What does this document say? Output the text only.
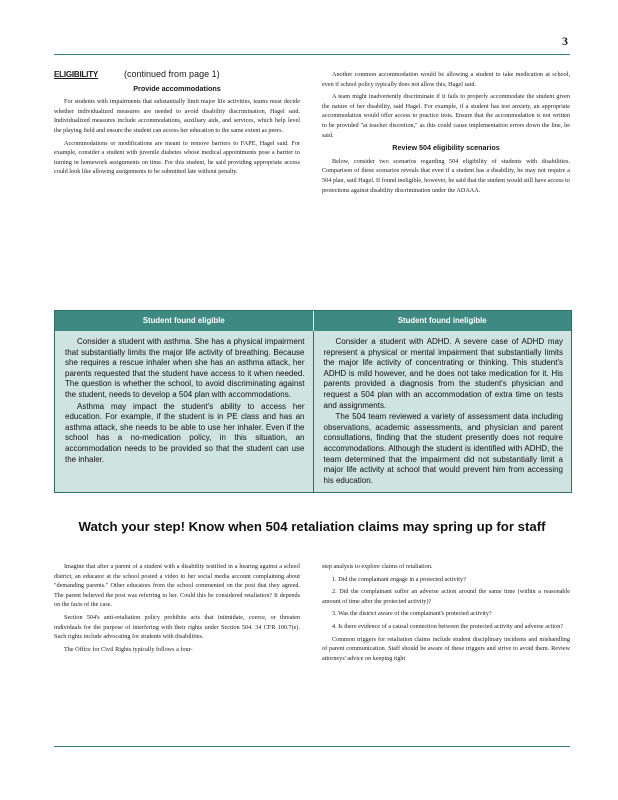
3
ELIGIBILITY	(continued from page 1)
Provide accommodations

For students with impairments that substantially limit major life activities, teams must decide whether individualized measures are needed to avoid disability discrimination, Hagel said. Individualized measures include accommodations, auxiliary aids, and services, which help level the playing field and ensure the student can access her education to the same extent as peers.

Accommodations or modifications are meant to remove barriers to FAPE, Hagel said. For example, consider a student with juvenile diabetes whose medical appointments pose a barrier to turning in homework assignments on time. For this student, he said providing appropriate access could look like allowing assignments to be submitted late without penalty.

Another common accommodation would be allowing a student to take medication at school, even if school policy typically does not allow this, Hagel said.

A team might inadvertently discriminate if it fails to properly accommodate the student given the nature of her disability, said Hagel. For example, if a student has test anxiety, an appropriate accommodation would offer access to practice tests. Ensure that the accommodation is not written to be provided "at teacher discretion," as this could cause implementation errors down the line, he said.

Review 504 eligibility scenarios

Below, consider two scenarios regarding 504 eligibility of students with disabilities. Comparison of these scenarios reveals that even if a student has a disability, he may not require a 504 plan, said Hagel. If found ineligible, however, he said that the student would still have access to protections against disability discrimination under the ADAAA.

Student found eligible	Student found ineligible

Consider a student with asthma. She has a physical impairment that substantially limits the major life activity of breathing. Because she requires a rescue inhaler when she has an asthma attack, her parents requested that the student have access to it when needed. The question is whether the school, to avoid discriminating against the student, needs to develop a 504 plan with accommodations.

Asthma may impact the student's ability to access her education. For example, if the student is in PE class and has an asthma attack, she needs to be able to use her inhaler. Even if the school has a no-medication policy, in this situation, an accommodation needs to be provided so that the student can use the inhaler.

Consider a student with ADHD. A severe case of ADHD may represent a physical or mental impairment that substantially limits the major life activity of concentrating or thinking. This student's ADHD is mild however, and he does not take medication for it. His parents provided a diagnosis from the student's physician and request a 504 plan with an accommodation of extra time on tests and assignments.

The 504 team reviewed a variety of assessment data including observations, academic assessments, and physician and parent consultations, finding that the student presently does not require accommodations. Although the student is identified with ADHD, the team determined that the impairment did not substantially limit a major life activity at school that would prevent him from accessing his education.

Watch your step! Know when 504 retaliation claims may spring up for staff

Imagine that after a parent of a student with a disability testified in a hearing against a school district, an educator at the school posted a video to her social media account complaining about "demanding parents." Other educators from the school commented on the post that they agreed. The parent believed the post was referring to her. Could this be considered retaliation? It depends on the facts of the case.

Section 504's anti-retaliation policy prohibits acts that intimidate, coerce, or threaten individuals for the purpose of interfering with their rights under Section 504. 34 CFR 100.7(e). Such rights include advocating for students with disabilities.

The Office for Civil Rights typically follows a four-

step analysis to explore claims of retaliation.

1. Did the complainant engage in a protected activity?

2. Did the complainant suffer an adverse action around the same time (within a reasonable amount of time after the protected activity)?

3. Was the district aware of the complainant's protected activity?

4. Is there evidence of a causal connection between the protected activity and adverse action?

Common triggers for retaliation claims include student disciplinary incidents and mishandling of parent communication. Staff should be aware of these triggers and strive to avoid them. Review attorneys' advice on keeping tight
